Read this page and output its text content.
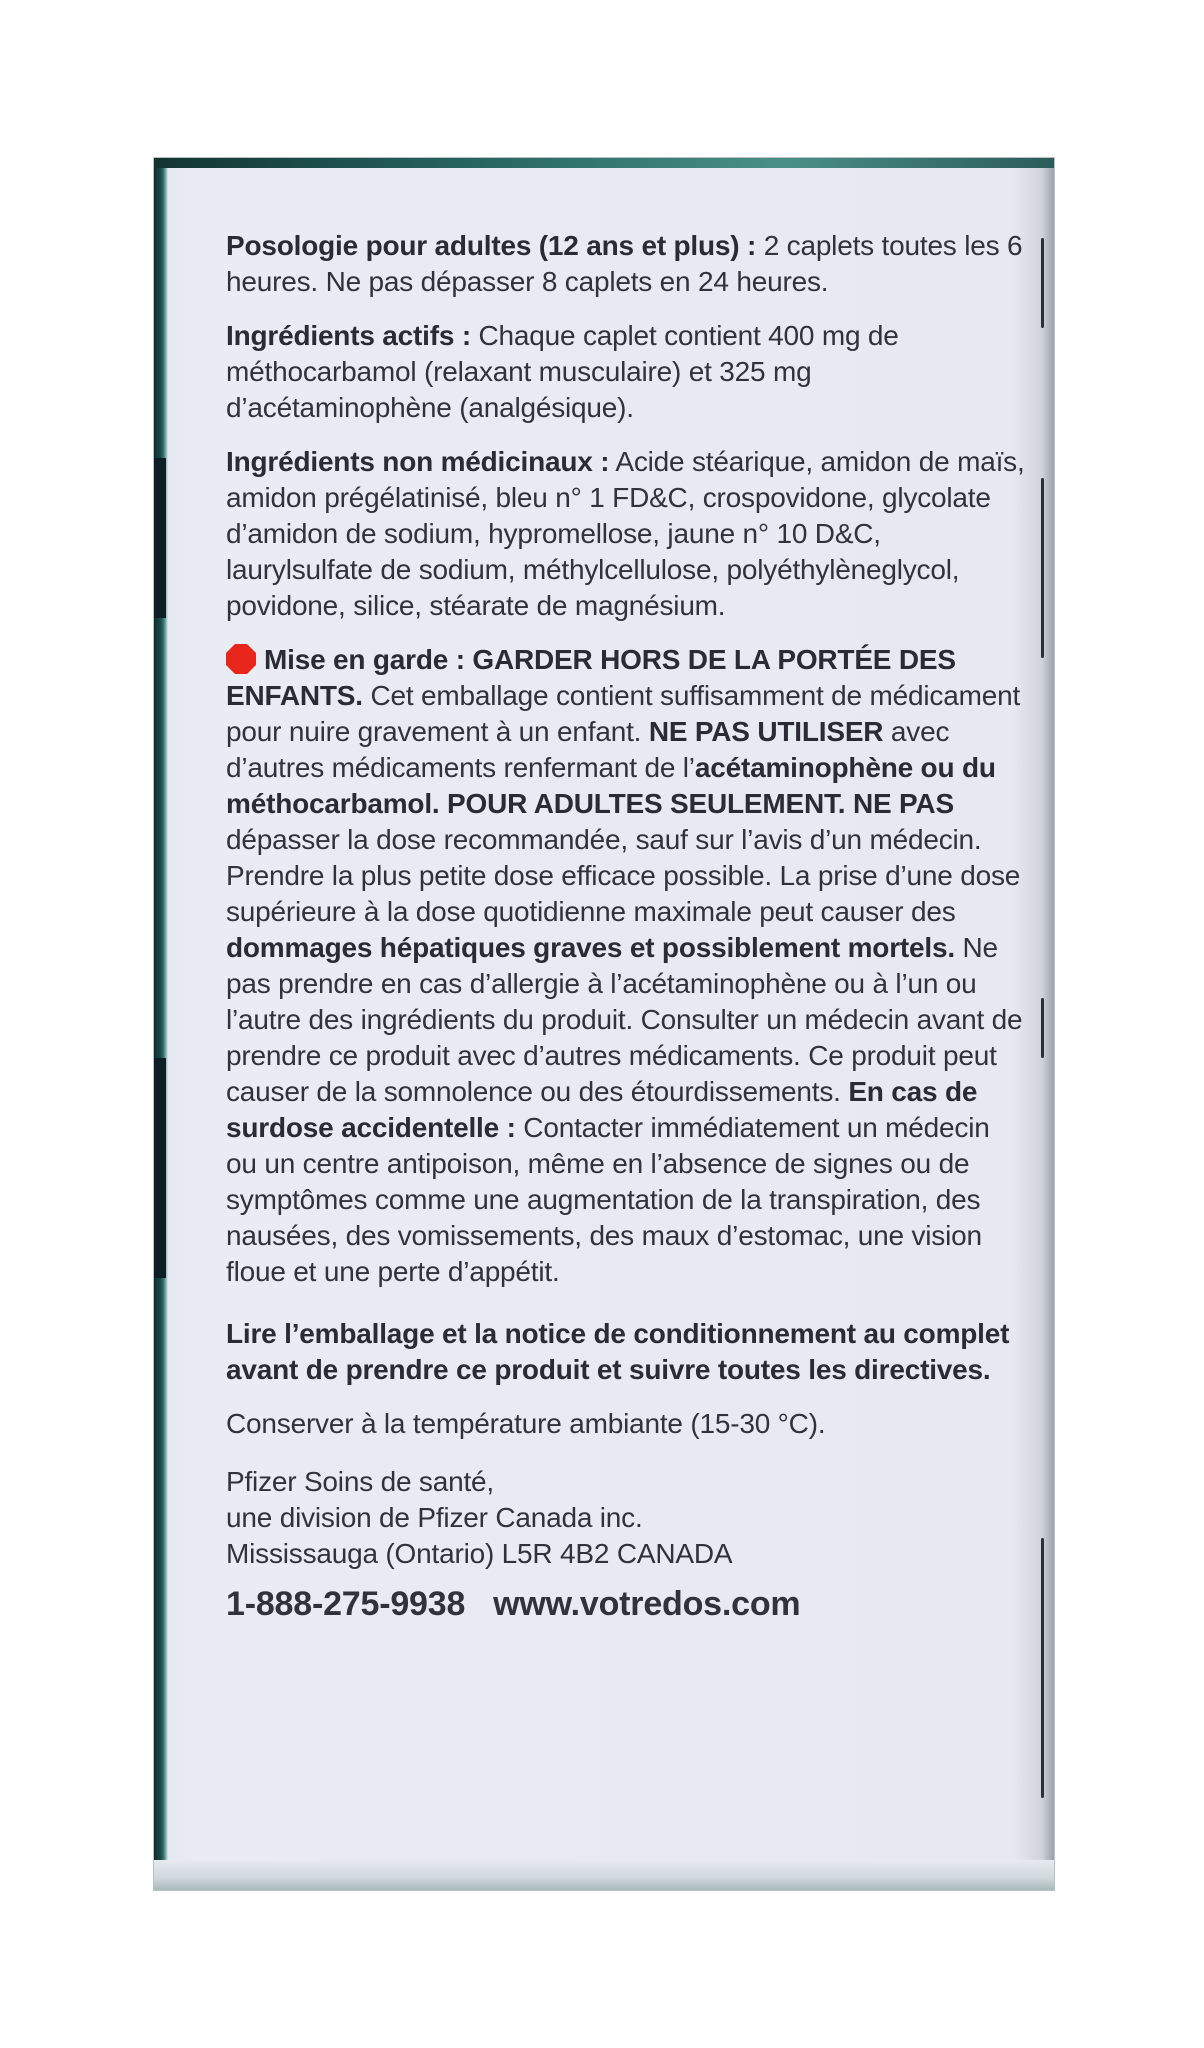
Posologie pour adultes (12 ans et plus) : 2 caplets toutes les 6 heures. Ne pas dépasser 8 caplets en 24 heures.

Ingrédients actifs : Chaque caplet contient 400 mg de méthocarbamol (relaxant musculaire) et 325 mg d’acétaminophène (analgésique).

Ingrédients non médicinaux : Acide stéarique, amidon de maïs, amidon prégélatinisé, bleu n° 1 FD&C, crospovidone, glycolate d’amidon de sodium, hypromellose, jaune n° 10 D&C, laurylsulfate de sodium, méthylcellulose, polyéthylèneglycol, povidone, silice, stéarate de magnésium.

Mise en garde : GARDER HORS DE LA PORTÉE DES ENFANTS. Cet emballage contient suffisamment de médicament pour nuire gravement à un enfant. NE PAS UTILISER avec d’autres médicaments renfermant de l’acétaminophène ou du méthocarbamol. POUR ADULTES SEULEMENT. NE PAS dépasser la dose recommandée, sauf sur l’avis d’un médecin. Prendre la plus petite dose efficace possible. La prise d’une dose supérieure à la dose quotidienne maximale peut causer des dommages hépatiques graves et possiblement mortels. Ne pas prendre en cas d’allergie à l’acétaminophène ou à l’un ou l’autre des ingrédients du produit. Consulter un médecin avant de prendre ce produit avec d’autres médicaments. Ce produit peut causer de la somnolence ou des étourdissements. En cas de surdose accidentelle : Contacter immédiatement un médecin ou un centre antipoison, même en l’absence de signes ou de symptômes comme une augmentation de la transpiration, des nausées, des vomissements, des maux d’estomac, une vision floue et une perte d’appétit.

Lire l’emballage et la notice de conditionnement au complet avant de prendre ce produit et suivre toutes les directives.

Conserver à la température ambiante (15-30 °C).

Pfizer Soins de santé,
une division de Pfizer Canada inc.
Mississauga (Ontario) L5R 4B2 CANADA

1-888-275-9938 www.votredos.com
